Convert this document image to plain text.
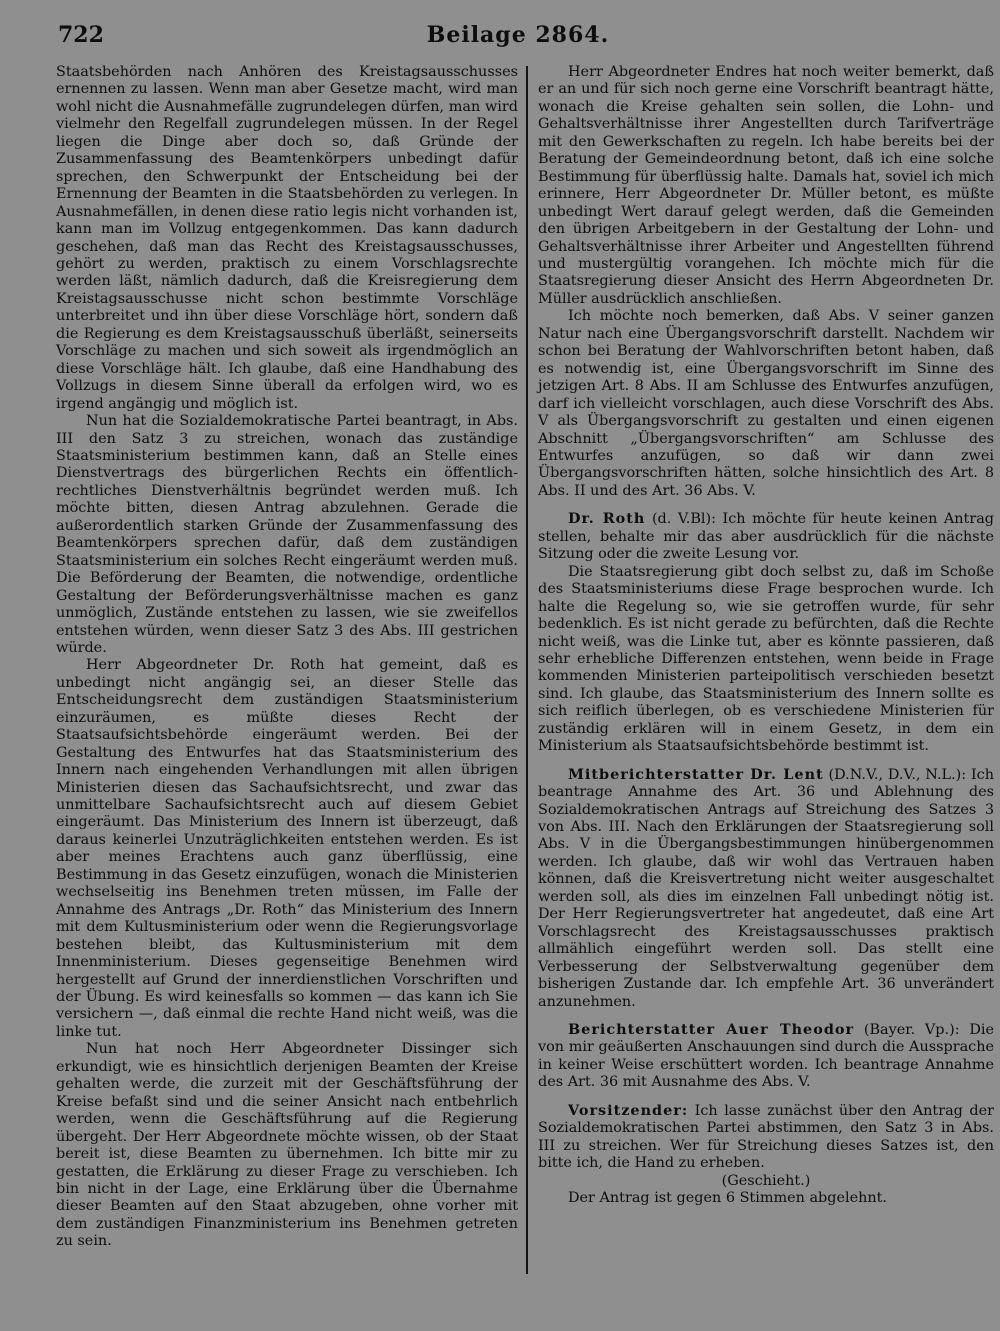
722	Beilage 2864.

Staatsbehörden nach Anhören des Kreistagsausschusses ernennen zu lassen. Wenn man aber Gesetze macht, wird man wohl nicht die Ausnahmefälle zugrundelegen dürfen, man wird vielmehr den Regelfall zugrundelegen müssen. In der Regel liegen die Dinge aber doch so, daß Gründe der Zusammenfassung des Beamtenkörpers unbedingt dafür sprechen, den Schwerpunkt der Entscheidung bei der Ernennung der Beamten in die Staatsbehörden zu verlegen. In Ausnahmefällen, in denen diese ratio legis nicht vorhanden ist, kann man im Vollzug entgegenkommen. Das kann dadurch geschehen, daß man das Recht des Kreistagsausschusses, gehört zu werden, praktisch zu einem Vorschlagsrechte werden läßt, nämlich dadurch, daß die Kreisregierung dem Kreistagsausschusse nicht schon bestimmte Vorschläge unterbreitet und ihn über diese Vorschläge hört, sondern daß die Regierung es dem Kreistagsausschuß überläßt, seinerseits Vorschläge zu machen und sich soweit als irgendmöglich an diese Vorschläge hält. Ich glaube, daß eine Handhabung des Vollzugs in diesem Sinne überall da erfolgen wird, wo es irgend angängig und möglich ist.

Nun hat die Sozialdemokratische Partei beantragt, in Abs. III den Satz 3 zu streichen, wonach das zuständige Staatsministerium bestimmen kann, daß an Stelle eines Dienstvertrags des bürgerlichen Rechts ein öffentlich-rechtliches Dienstverhältnis begründet werden muß. Ich möchte bitten, diesen Antrag abzulehnen. Gerade die außerordentlich starken Gründe der Zusammenfassung des Beamtenkörpers sprechen dafür, daß dem zuständigen Staatsministerium ein solches Recht eingeräumt werden muß. Die Beförderung der Beamten, die notwendige, ordentliche Gestaltung der Beförderungsverhältnisse machen es ganz unmöglich, Zustände entstehen zu lassen, wie sie zweifellos entstehen würden, wenn dieser Satz 3 des Abs. III gestrichen würde.

Herr Abgeordneter Dr. Roth hat gemeint, daß es unbedingt nicht angängig sei, an dieser Stelle das Entscheidungsrecht dem zuständigen Staatsministerium einzuräumen, es müßte dieses Recht der Staatsaufsichtsbehörde eingeräumt werden. Bei der Gestaltung des Entwurfes hat das Staatsministerium des Innern nach eingehenden Verhandlungen mit allen übrigen Ministerien diesen das Sachaufsichtsrecht, und zwar das unmittelbare Sachaufsichtsrecht auch auf diesem Gebiet eingeräumt. Das Ministerium des Innern ist überzeugt, daß daraus keinerlei Unzuträglichkeiten entstehen werden. Es ist aber meines Erachtens auch ganz überflüssig, eine Bestimmung in das Gesetz einzufügen, wonach die Ministerien wechselseitig ins Benehmen treten müssen, im Falle der Annahme des Antrags „Dr. Roth“ das Ministerium des Innern mit dem Kultusministerium oder wenn die Regierungsvorlage bestehen bleibt, das Kultusministerium mit dem Innenministerium. Dieses gegenseitige Benehmen wird hergestellt auf Grund der innerdienstlichen Vorschriften und der Übung. Es wird keinesfalls so kommen — das kann ich Sie versichern —, daß einmal die rechte Hand nicht weiß, was die linke tut.

Nun hat noch Herr Abgeordneter Dissinger sich erkundigt, wie es hinsichtlich derjenigen Beamten der Kreise gehalten werde, die zurzeit mit der Geschäftsführung der Kreise befaßt sind und die seiner Ansicht nach entbehrlich werden, wenn die Geschäftsführung auf die Regierung übergeht. Der Herr Abgeordnete möchte wissen, ob der Staat bereit ist, diese Beamten zu übernehmen. Ich bitte mir zu gestatten, die Erklärung zu dieser Frage zu verschieben. Ich bin nicht in der Lage, eine Erklärung über die Übernahme dieser Beamten auf den Staat abzugeben, ohne vorher mit dem zuständigen Finanzministerium ins Benehmen getreten zu sein.

Herr Abgeordneter Endres hat noch weiter bemerkt, daß er an und für sich noch gerne eine Vorschrift beantragt hätte, wonach die Kreise gehalten sein sollen, die Lohn- und Gehaltsverhältnisse ihrer Angestellten durch Tarifverträge mit den Gewerkschaften zu regeln. Ich habe bereits bei der Beratung der Gemeindeordnung betont, daß ich eine solche Bestimmung für überflüssig halte. Damals hat, soviel ich mich erinnere, Herr Abgeordneter Dr. Müller betont, es müßte unbedingt Wert darauf gelegt werden, daß die Gemeinden den übrigen Arbeitgebern in der Gestaltung der Lohn- und Gehaltsverhältnisse ihrer Arbeiter und Angestellten führend und mustergültig vorangehen. Ich möchte mich für die Staatsregierung dieser Ansicht des Herrn Abgeordneten Dr. Müller ausdrücklich anschließen.

Ich möchte noch bemerken, daß Abs. V seiner ganzen Natur nach eine Übergangsvorschrift darstellt. Nachdem wir schon bei Beratung der Wahlvorschriften betont haben, daß es notwendig ist, eine Übergangsvorschrift im Sinne des jetzigen Art. 8 Abs. II am Schlusse des Entwurfes anzufügen, darf ich vielleicht vorschlagen, auch diese Vorschrift des Abs. V als Übergangsvorschrift zu gestalten und einen eigenen Abschnitt „Übergangsvorschriften“ am Schlusse des Entwurfes anzufügen, so daß wir dann zwei Übergangsvorschriften hätten, solche hinsichtlich des Art. 8 Abs. II und des Art. 36 Abs. V.

Dr. Roth (d. V.Bl): Ich möchte für heute keinen Antrag stellen, behalte mir das aber ausdrücklich für die nächste Sitzung oder die zweite Lesung vor.

Die Staatsregierung gibt doch selbst zu, daß im Schoße des Staatsministeriums diese Frage besprochen wurde. Ich halte die Regelung so, wie sie getroffen wurde, für sehr bedenklich. Es ist nicht gerade zu befürchten, daß die Rechte nicht weiß, was die Linke tut, aber es könnte passieren, daß sehr erhebliche Differenzen entstehen, wenn beide in Frage kommenden Ministerien parteipolitisch verschieden besetzt sind. Ich glaube, das Staatsministerium des Innern sollte es sich reiflich überlegen, ob es verschiedene Ministerien für zuständig erklären will in einem Gesetz, in dem ein Ministerium als Staatsaufsichtsbehörde bestimmt ist.

Mitberichterstatter Dr. Lent (D.N.V., D.V., N.L.): Ich beantrage Annahme des Art. 36 und Ablehnung des Sozialdemokratischen Antrags auf Streichung des Satzes 3 von Abs. III. Nach den Erklärungen der Staatsregierung soll Abs. V in die Übergangsbestimmungen hinübergenommen werden. Ich glaube, daß wir wohl das Vertrauen haben können, daß die Kreisvertretung nicht weiter ausgeschaltet werden soll, als dies im einzelnen Fall unbedingt nötig ist. Der Herr Regierungsvertreter hat angedeutet, daß eine Art Vorschlagsrecht des Kreistagsausschusses praktisch allmählich eingeführt werden soll. Das stellt eine Verbesserung der Selbstverwaltung gegenüber dem bisherigen Zustande dar. Ich empfehle Art. 36 unverändert anzunehmen.

Berichterstatter Auer Theodor (Bayer. Vp.): Die von mir geäußerten Anschauungen sind durch die Aussprache in keiner Weise erschüttert worden. Ich beantrage Annahme des Art. 36 mit Ausnahme des Abs. V.

Vorsitzender: Ich lasse zunächst über den Antrag der Sozialdemokratischen Partei abstimmen, den Satz 3 in Abs. III zu streichen. Wer für Streichung dieses Satzes ist, den bitte ich, die Hand zu erheben.

(Geschieht.)

Der Antrag ist gegen 6 Stimmen abgelehnt.
